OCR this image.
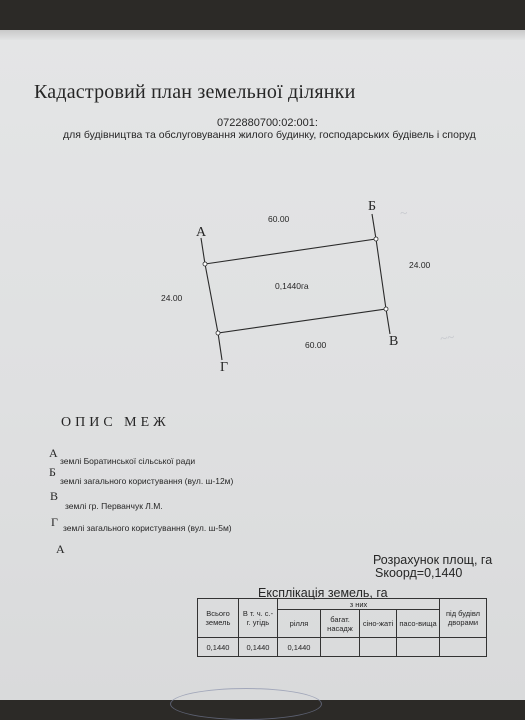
~
~~
Кадастровий план земельної ділянки
0722880700:02:001:
для будівництва та обслуговування жилого будинку, господарських будівель і споруд
А
Б
В
Г
60.00
60.00
24.00
24.00
0,1440га
ОПИС МЕЖ
А
землі Боратинської сільської ради
Б
землі загального користування (вул. ш-12м)
В
землі гр. Перванчук Л.М.
Г землі загального користування (вул. ш-5м)
А
Розрахунок площ, га
Ѕкоорд=0,1440
Експлікація земель, га
Всього земель	В т. ч. с.-г. угідь	з них				під будівл дворами
		рілля	багат. насадж	сіно-жаті	пасо-вища	
0,1440	0,1440	0,1440				
